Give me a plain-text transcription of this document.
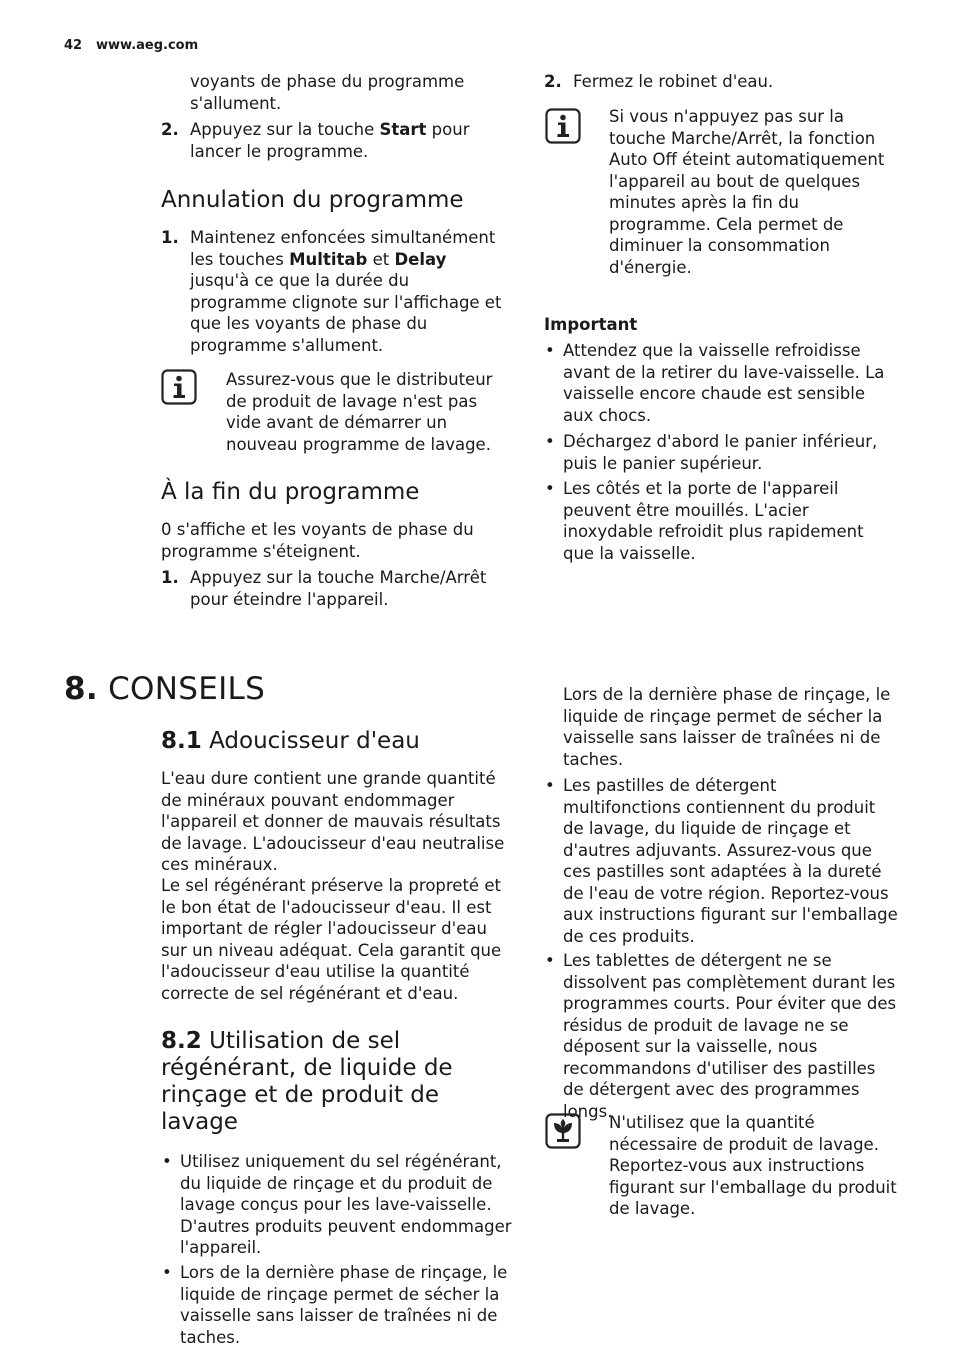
42 www.aeg.com

voyants de phase du programme s'allument.

2. Appuyez sur la touche Start pour lancer le programme.

Annulation du programme
1. Maintenez enfoncées simultanément les touches Multitab et Delay jusqu'à ce que la durée du programme clignote sur l'affichage et que les voyants de phase du programme s'allument.

Assurez-vous que le distributeur de produit de lavage n'est pas vide avant de démarrer un nouveau programme de lavage.

À la fin du programme

0 s'affiche et les voyants de phase du programme s'éteignent.

1. Appuyez sur la touche Marche/Arrêt pour éteindre l'appareil.

2. Fermez le robinet d'eau.

Si vous n'appuyez pas sur la touche Marche/Arrêt, la fonction Auto Off éteint automatiquement l'appareil au bout de quelques minutes après la fin du programme. Cela permet de diminuer la consommation d'énergie.

Important
• Attendez que la vaisselle refroidisse avant de la retirer du lave-vaisselle. La vaisselle encore chaude est sensible aux chocs.

• Déchargez d'abord le panier inférieur, puis le panier supérieur.

• Les côtés et la porte de l'appareil peuvent être mouillés. L'acier inoxydable refroidit plus rapidement que la vaisselle.

8. CONSEILS
8.1 Adoucisseur d'eau

L'eau dure contient une grande quantité de minéraux pouvant endommager l'appareil et donner de mauvais résultats de lavage. L'adoucisseur d'eau neutralise ces minéraux.

Le sel régénérant préserve la propreté et le bon état de l'adoucisseur d'eau. Il est important de régler l'adoucisseur d'eau sur un niveau adéquat. Cela garantit que l'adoucisseur d'eau utilise la quantité correcte de sel régénérant et d'eau.

8.2 Utilisation de sel régénérant, de liquide de rinçage et de produit de lavage
• Utilisez uniquement du sel régénérant, du liquide de rinçage et du produit de lavage conçus pour les lave-vaisselle. D'autres produits peuvent endommager l'appareil.

• Lors de la dernière phase de rinçage, le liquide de rinçage permet de sécher la vaisselle sans laisser de traînées ni de taches.

Lors de la dernière phase de rinçage, le liquide de rinçage permet de sécher la vaisselle sans laisser de traînées ni de taches.

• Les pastilles de détergent multifonctions contiennent du produit de lavage, du liquide de rinçage et d'autres adjuvants. Assurez-vous que ces pastilles sont adaptées à la dureté de l'eau de votre région. Reportez-vous aux instructions figurant sur l'emballage de ces produits.

• Les tablettes de détergent ne se dissolvent pas complètement durant les programmes courts. Pour éviter que des résidus de produit de lavage ne se déposent sur la vaisselle, nous recommandons d'utiliser des pastilles de détergent avec des programmes longs.

N'utilisez que la quantité nécessaire de produit de lavage. Reportez-vous aux instructions figurant sur l'emballage du produit de lavage.
